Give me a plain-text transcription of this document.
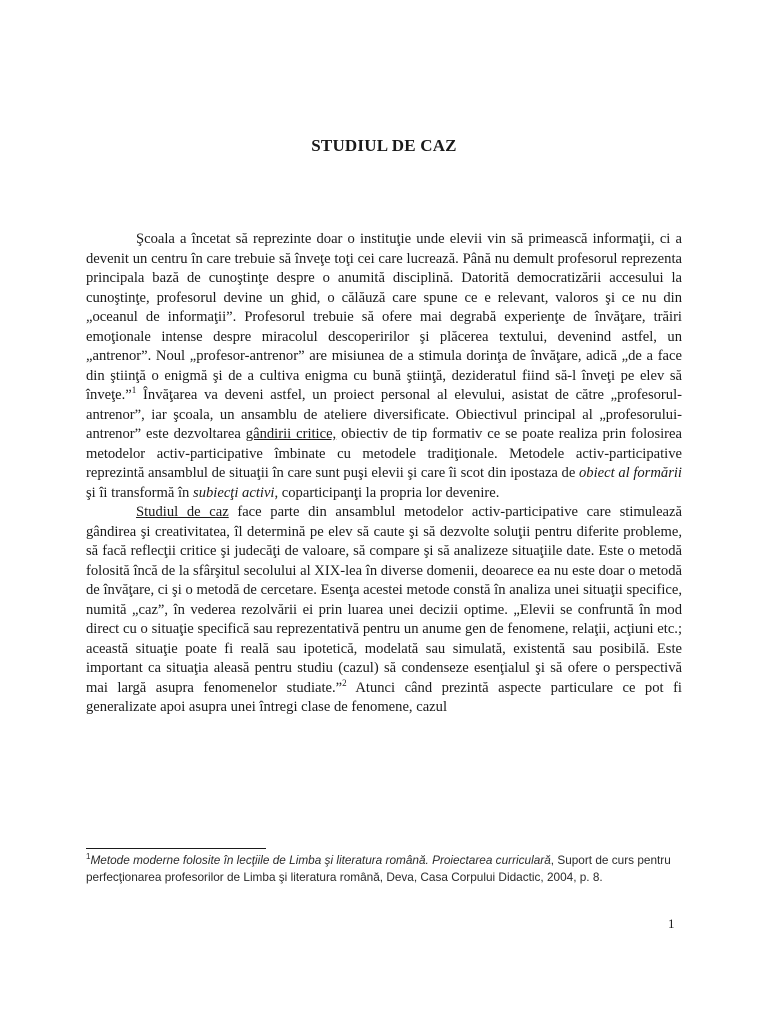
STUDIUL DE CAZ

Şcoala a încetat să reprezinte doar o instituţie unde elevii vin să primească informaţii, ci a devenit un centru în care trebuie să înveţe toţi cei care lucrează. Până nu demult profesorul reprezenta principala bază de cunoştinţe despre o anumită disciplină. Datorită democratizării accesului la cunoştinţe, profesorul devine un ghid, o călăuză care spune ce e relevant, valoros şi ce nu din „oceanul de informaţii”. Profesorul trebuie să ofere mai degrabă experienţe de învăţare, trăiri emoţionale intense despre miracolul descoperirilor şi plăcerea textului, devenind astfel, un „antrenor”. Noul „profesor-antrenor” are misiunea de a stimula dorinţa de învăţare, adică „de a face din ştiinţă o enigmă şi de a cultiva enigma cu bună ştiinţă, dezideratul fiind să-l înveţi pe elev să înveţe.”$^1$ Învăţarea va deveni astfel, un proiect personal al elevului, asistat de către „profesorul-antrenor”, iar şcoala, un ansamblu de ateliere diversificate. Obiectivul principal al „profesorului-antrenor” este dezvoltarea gândirii critice, obiectiv de tip formativ ce se poate realiza prin folosirea metodelor activ-participative îmbinate cu metodele tradiţionale. Metodele activ-participative reprezintă ansamblul de situaţii în care sunt puşi elevii şi care îi scot din ipostaza de obiect al formării şi îi transformă în subiecţi activi, coparticipanţi la propria lor devenire.

Studiul de caz face parte din ansamblul metodelor activ-participative care stimulează gândirea şi creativitatea, îl determină pe elev să caute şi să dezvolte soluţii pentru diferite probleme, să facă reflecţii critice şi judecăţi de valoare, să compare şi să analizeze situaţiile date. Este o metodă folosită încă de la sfârşitul secolului al XIX-lea în diverse domenii, deoarece ea nu este doar o metodă de învăţare, ci şi o metodă de cercetare. Esenţa acestei metode constă în analiza unei situaţii specifice, numită „caz”, în vederea rezolvării ei prin luarea unei decizii optime. „Elevii se confruntă în mod direct cu o situaţie specifică sau reprezentativă pentru un anume gen de fenomene, relaţii, acţiuni etc.; această situaţie poate fi reală sau ipotetică, modelată sau simulată, existentă sau posibilă. Este important ca situaţia aleasă pentru studiu (cazul) să condenseze esenţialul şi să ofere o perspectivă mai largă asupra fenomenelor studiate.”$^2$ Atunci când prezintă aspecte particulare ce pot fi generalizate apoi asupra unei întregi clase de fenomene, cazul

$^1$Metode moderne folosite în lecţiile de Limba şi literatura română. Proiectarea curriculară, Suport de curs pentru perfecţionarea profesorilor de Limba şi literatura română, Deva, Casa Corpului Didactic, 2004, p. 8.
1
